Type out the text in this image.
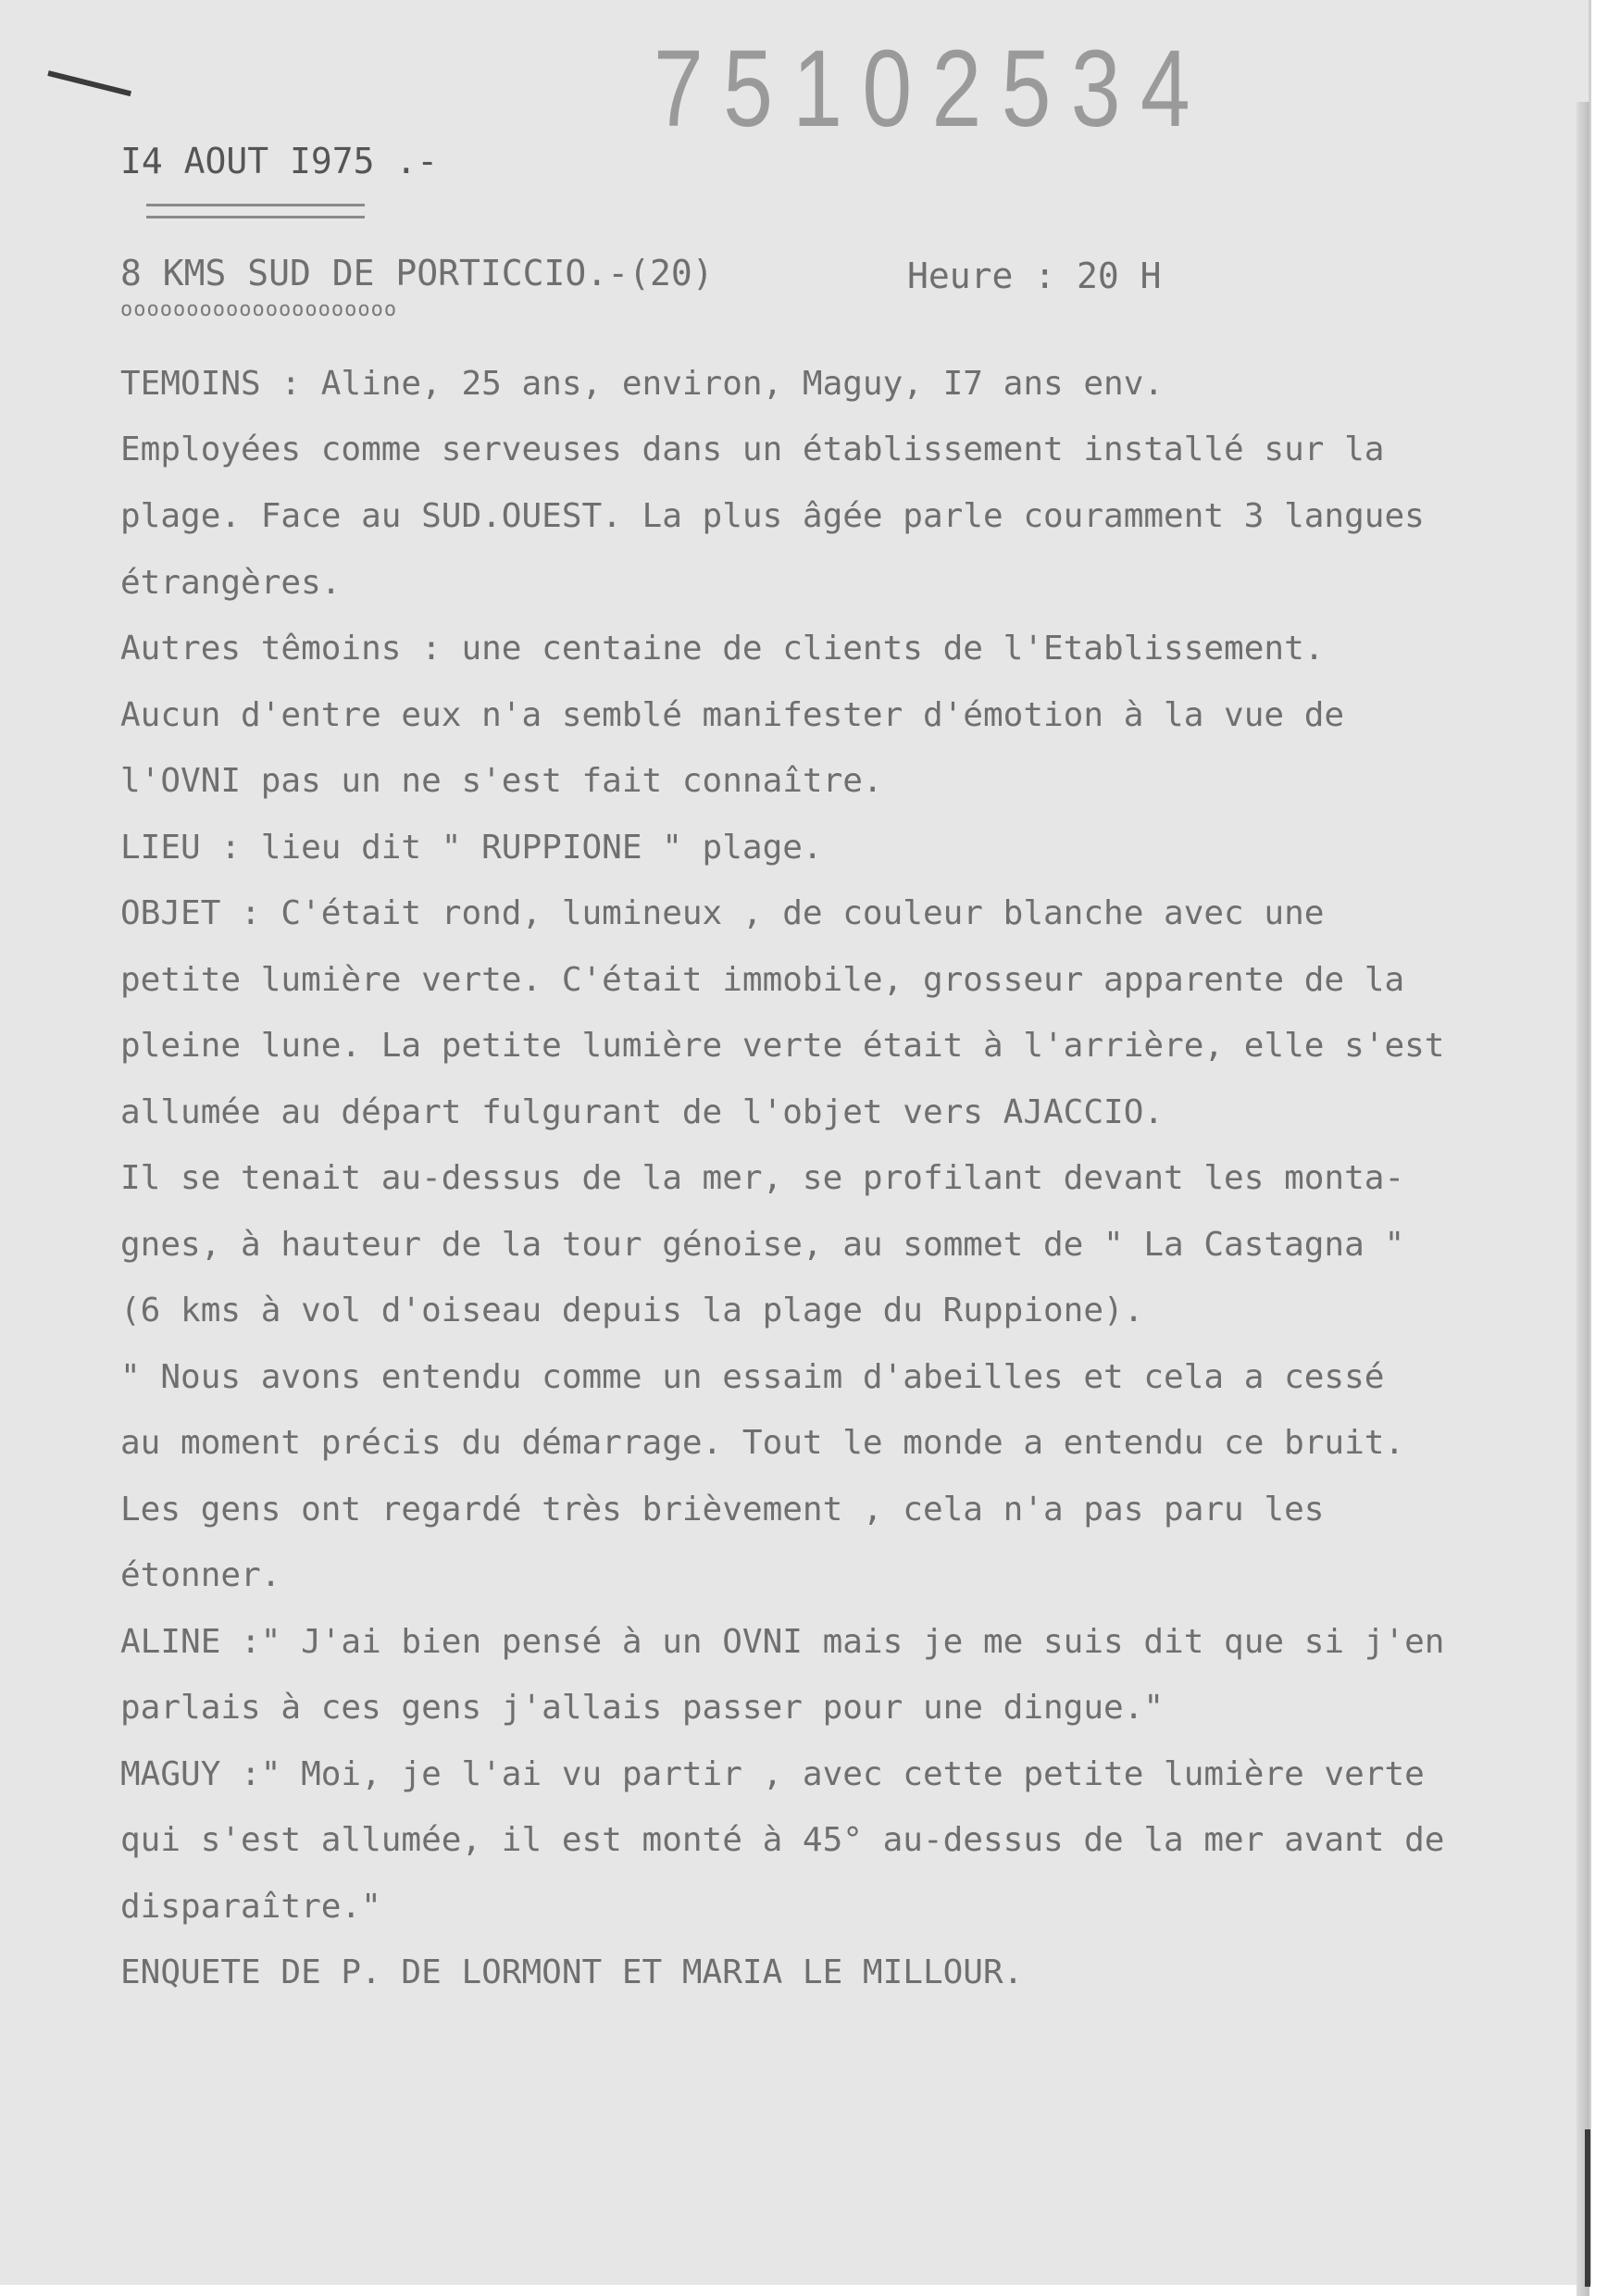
75102534
I4 AOUT I975 .-
8 KMS SUD DE PORTICCIO.-(20)	Heure : 20 H
ooooooooooooooooooooo
TEMOINS : Aline, 25 ans, environ, Maguy, I7 ans env.
Employées comme serveuses dans un établissement installé sur la
plage. Face au SUD.OUEST. La plus âgée parle couramment 3 langues
étrangères.
Autres têmoins : une centaine de clients de l'Etablissement.
Aucun d'entre eux n'a semblé manifester d'émotion à la vue de
l'OVNI pas un ne s'est fait connaître.
LIEU : lieu dit " RUPPIONE " plage.
OBJET : C'était rond, lumineux , de couleur blanche avec une
petite lumière verte. C'était immobile, grosseur apparente de la
pleine lune. La petite lumière verte était à l'arrière, elle s'est
allumée au départ fulgurant de l'objet vers AJACCIO.
Il se tenait au-dessus de la mer, se profilant devant les monta-
gnes, à hauteur de la tour génoise, au sommet de " La Castagna "
(6 kms à vol d'oiseau depuis la plage du Ruppione).
" Nous avons entendu comme un essaim d'abeilles et cela a cessé
au moment précis du démarrage. Tout le monde a entendu ce bruit.
Les gens ont regardé très brièvement , cela n'a pas paru les
étonner.
ALINE :" J'ai bien pensé à un OVNI mais je me suis dit que si j'en
parlais à ces gens j'allais passer pour une dingue."
MAGUY :" Moi, je l'ai vu partir , avec cette petite lumière verte
qui s'est allumée, il est monté à 45° au-dessus de la mer avant de
disparaître."
ENQUETE DE P. DE LORMONT ET MARIA LE MILLOUR.
